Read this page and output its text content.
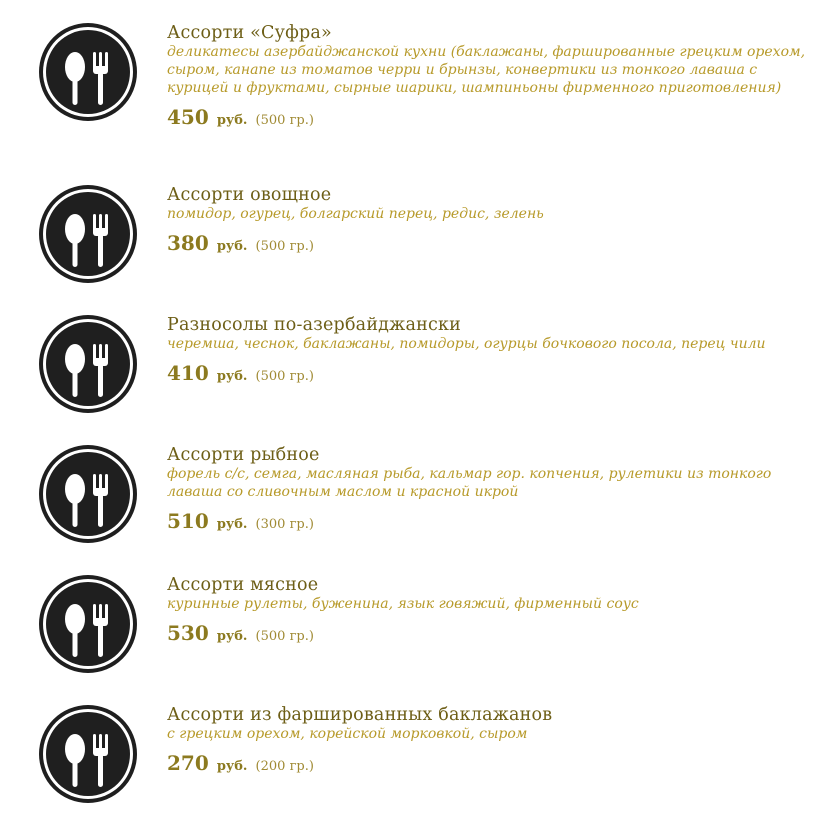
Ассорти «Суфра»
деликатесы азербайджанской кухни (баклажаны, фаршированные грецким орехом, сыром, канапе из томатов черри и брынзы, конвертики из тонкого лаваша с курицей и фруктами, сырные шарики, шампиньоны фирменного приготовления)
450 руб. (500 гр.)
Ассорти овощное
помидор, огурец, болгарский перец, редис, зелень
380 руб. (500 гр.)
Разносолы по-азербайджански
черемша, чеснок, баклажаны, помидоры, огурцы бочкового посола, перец чили
410 руб. (500 гр.)
Ассорти рыбное
форель с/с, семга, масляная рыба, кальмар гор. копчения, рулетики из тонкого лаваша со сливочным маслом и красной икрой
510 руб. (300 гр.)
Ассорти мясное
куринные рулеты, буженина, язык говяжий, фирменный соус
530 руб. (500 гр.)
Ассорти из фаршированных баклажанов
с грецким орехом, корейской морковкой, сыром
270 руб. (200 гр.)
